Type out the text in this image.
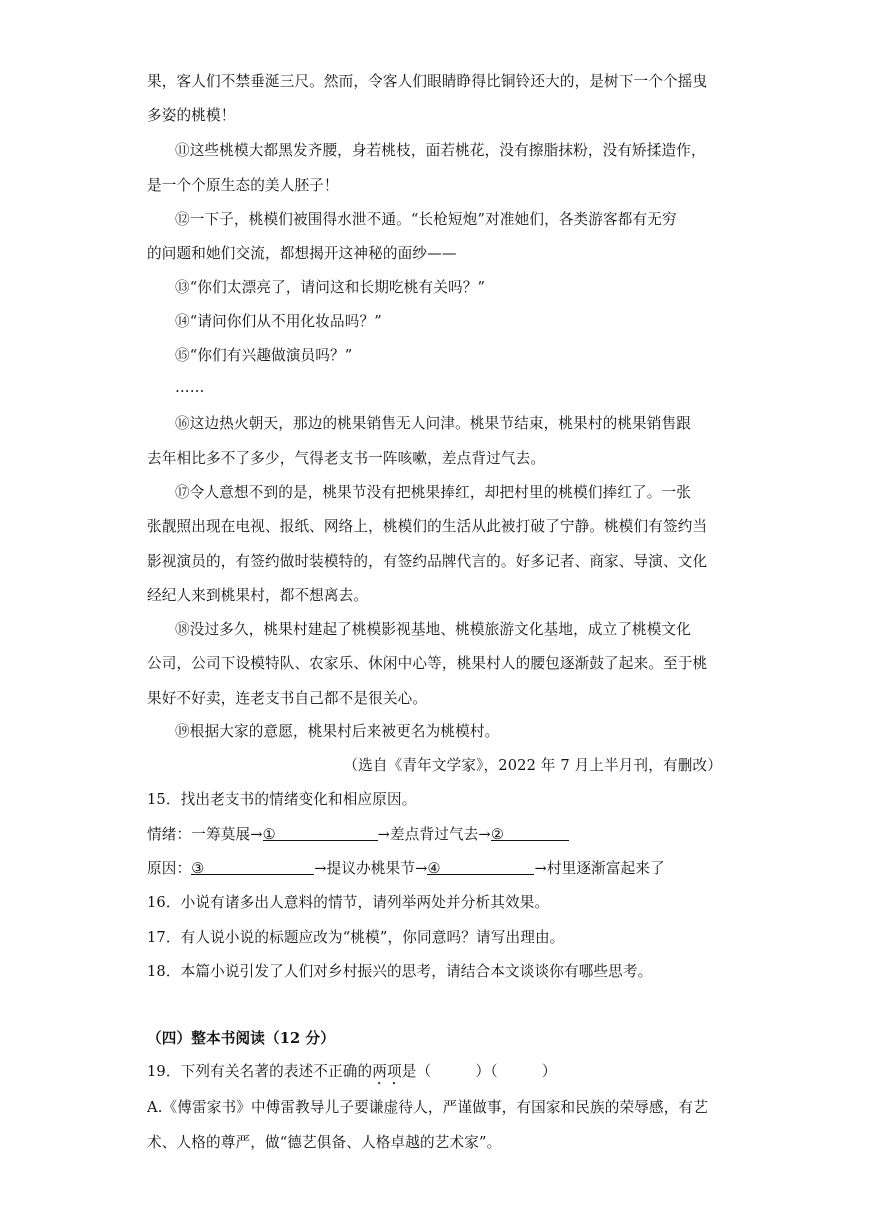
果，客人们不禁垂涎三尺。然而，令客人们眼睛睁得比铜铃还大的，是树下一个个摇曳
多姿的桃模！
⑪这些桃模大都黑发齐腰，身若桃枝，面若桃花，没有擦脂抹粉，没有矫揉造作，
是一个个原生态的美人胚子！
⑫一下子，桃模们被围得水泄不通。“长枪短炮”对准她们，各类游客都有无穷
的问题和她们交流，都想揭开这神秘的面纱——
⑬“你们太漂亮了，请问这和长期吃桃有关吗？”
⑭“请问你们从不用化妆品吗？”
⑮“你们有兴趣做演员吗？”
……
⑯这边热火朝天，那边的桃果销售无人问津。桃果节结束，桃果村的桃果销售跟
去年相比多不了多少，气得老支书一阵咳嗽，差点背过气去。
⑰令人意想不到的是，桃果节没有把桃果捧红，却把村里的桃模们捧红了。一张
张靓照出现在电视、报纸、网络上，桃模们的生活从此被打破了宁静。桃模们有签约当
影视演员的，有签约做时装模特的，有签约品牌代言的。好多记者、商家、导演、文化
经纪人来到桃果村，都不想离去。
⑱没过多久，桃果村建起了桃模影视基地、桃模旅游文化基地，成立了桃模文化
公司，公司下设模特队、农家乐、休闲中心等，桃果村人的腰包逐渐鼓了起来。至于桃
果好不好卖，连老支书自己都不是很关心。
⑲根据大家的意愿，桃果村后来被更名为桃模村。
（选自《青年文学家》，2022 年 7 月上半月刊，有删改）
15．找出老支书的情绪变化和相应原因。
情绪：一筹莫展→①	→差点背过气去→②
原因：③	→提议办桃果节→④	→村里逐渐富起来了
16．小说有诸多出人意料的情节，请列举两处并分析其效果。
17．有人说小说的标题应改为“桃模”，你同意吗？请写出理由。
18．本篇小说引发了人们对乡村振兴的思考，请结合本文谈谈你有哪些思考。
（四）整本书阅读（12 分）
19．下列有关名著的表述不正确的两项是（　　　）（　　　）
A.《傅雷家书》中傅雷教导儿子要谦虚待人，严谨做事，有国家和民族的荣辱感，有艺
术、人格的尊严，做“德艺俱备、人格卓越的艺术家”。
